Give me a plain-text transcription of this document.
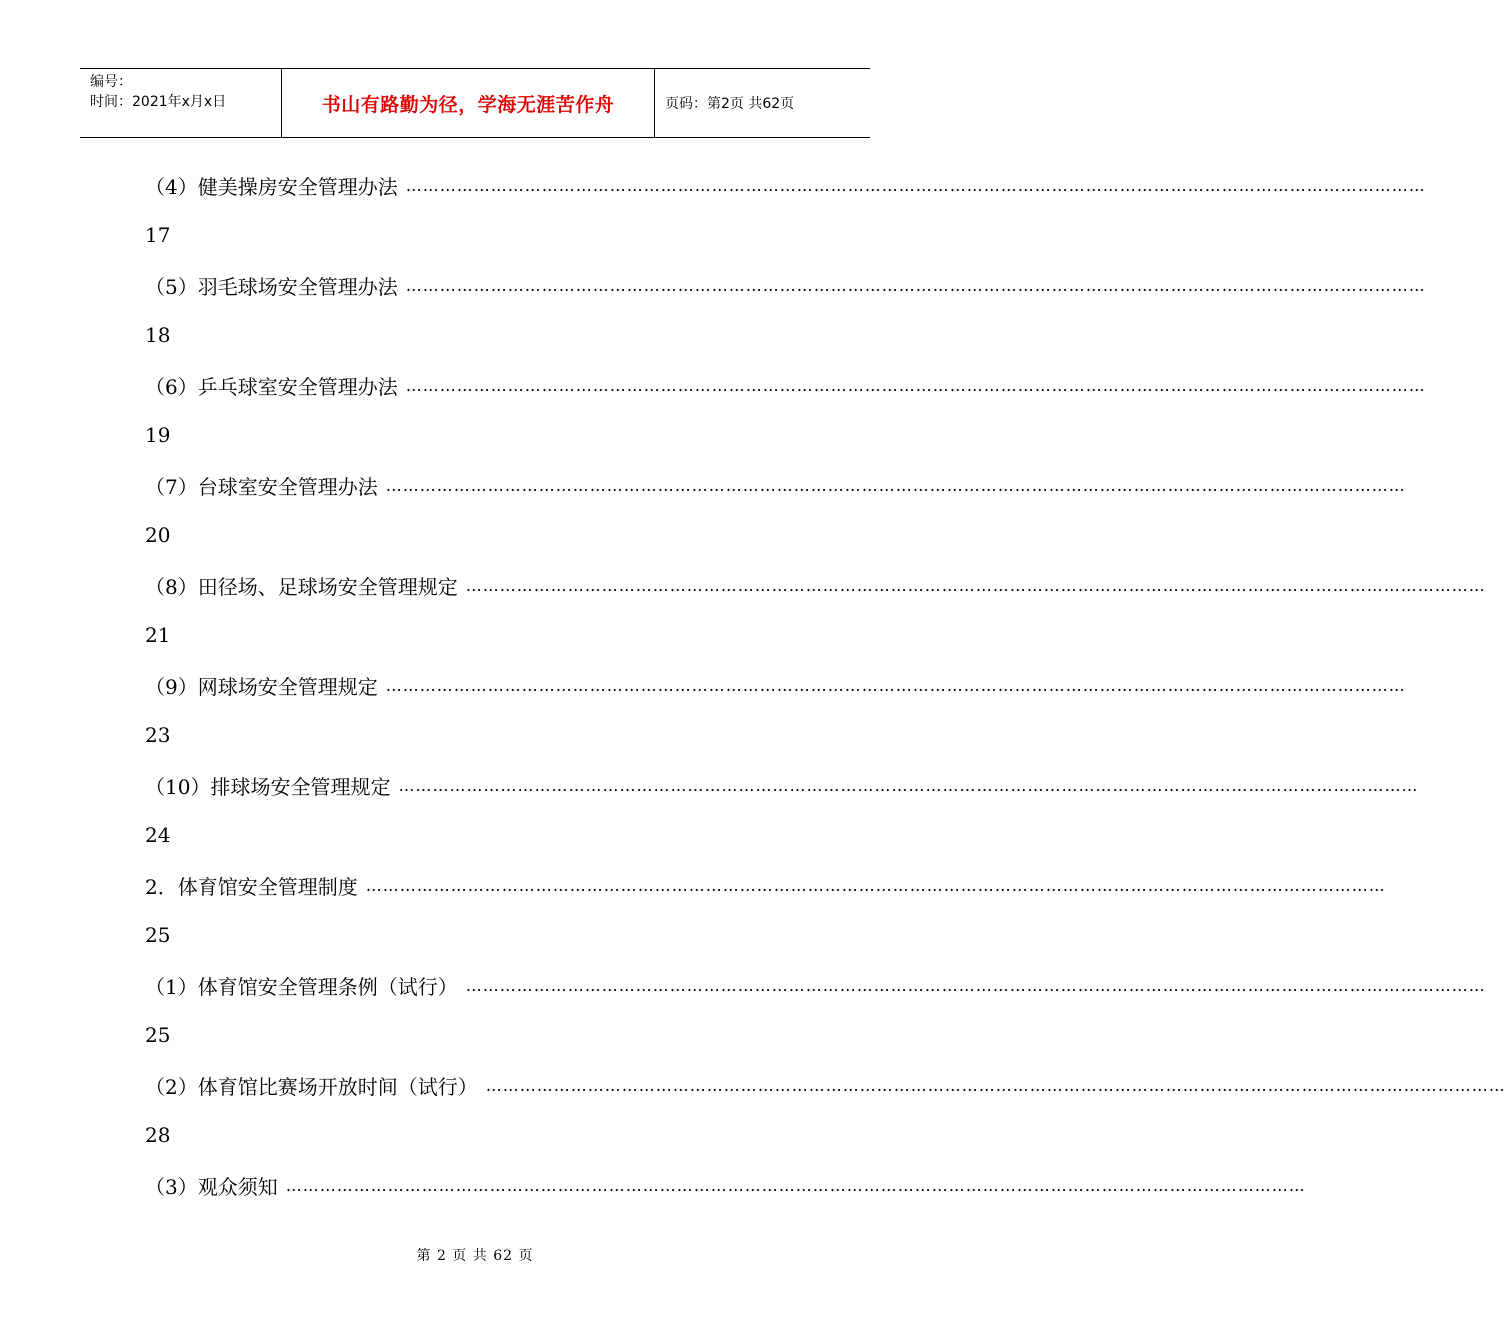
编号：
时间：2021年x月x日	书山有路勤为径，学海无涯苦作舟	页码：第2页 共62页
（4）健美操房安全管理办法 ………………………………………………………………………………………………………………………………………………………………
17
（5）羽毛球场安全管理办法 ………………………………………………………………………………………………………………………………………………………………
18
（6）乒乓球室安全管理办法 ………………………………………………………………………………………………………………………………………………………………
19
（7）台球室安全管理办法 ………………………………………………………………………………………………………………………………………………………………
20
（8）田径场、足球场安全管理规定 ………………………………………………………………………………………………………………………………………………………………
21
（9）网球场安全管理规定 ………………………………………………………………………………………………………………………………………………………………
23
（10）排球场安全管理规定 ………………………………………………………………………………………………………………………………………………………………
24
2．体育馆安全管理制度 ………………………………………………………………………………………………………………………………………………………………
25
（1）体育馆安全管理条例（试行） ………………………………………………………………………………………………………………………………………………………………
25
（2）体育馆比赛场开放时间（试行） ………………………………………………………………………………………………………………………………………………………………
28
（3）观众须知 ………………………………………………………………………………………………………………………………………………………………
第 2 页 共 62 页
